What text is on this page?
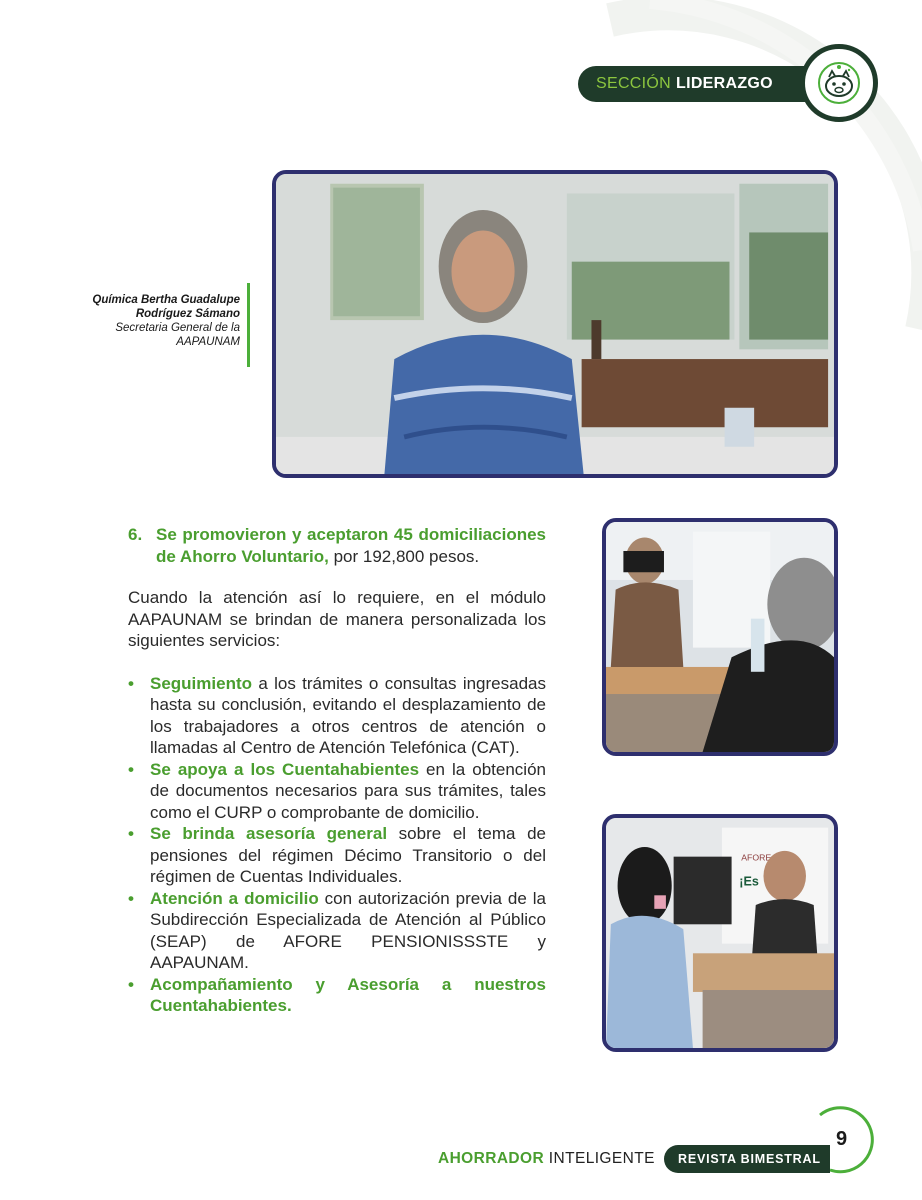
SECCIÓN LIDERAZGO
Química Bertha Guadalupe
Rodríguez Sámano
Secretaria General de la
AAPAUNAM
AFORE
¡Es
6. Se promovieron y aceptaron 45 domiciliaciones de Ahorro Voluntario, por 192,800 pesos.

Cuando la atención así lo requiere, en el módulo AAPAUNAM se brindan de manera personalizada los siguientes servicios:

• Seguimiento a los trámites o consultas ingresadas hasta su conclusión, evitando el desplazamiento de los trabajadores a otros centros de atención o llamadas al Centro de Atención Telefónica (CAT).
• Se apoya a los Cuentahabientes en la obtención de documentos necesarios para sus trámites, tales como el CURP o comprobante de domicilio.
• Se brinda asesoría general sobre el tema de pensiones del régimen Décimo Transitorio o del régimen de Cuentas Individuales.
• Atención a domicilio con autorización previa de la Subdirección Especializada de Atención al Público (SEAP) de AFORE PENSIONISSSTE y AAPAUNAM.
• Acompañamiento y Asesoría a nuestros Cuentahabientes.
AHORRADOR INTELIGENTE	REVISTA BIMESTRAL
9
